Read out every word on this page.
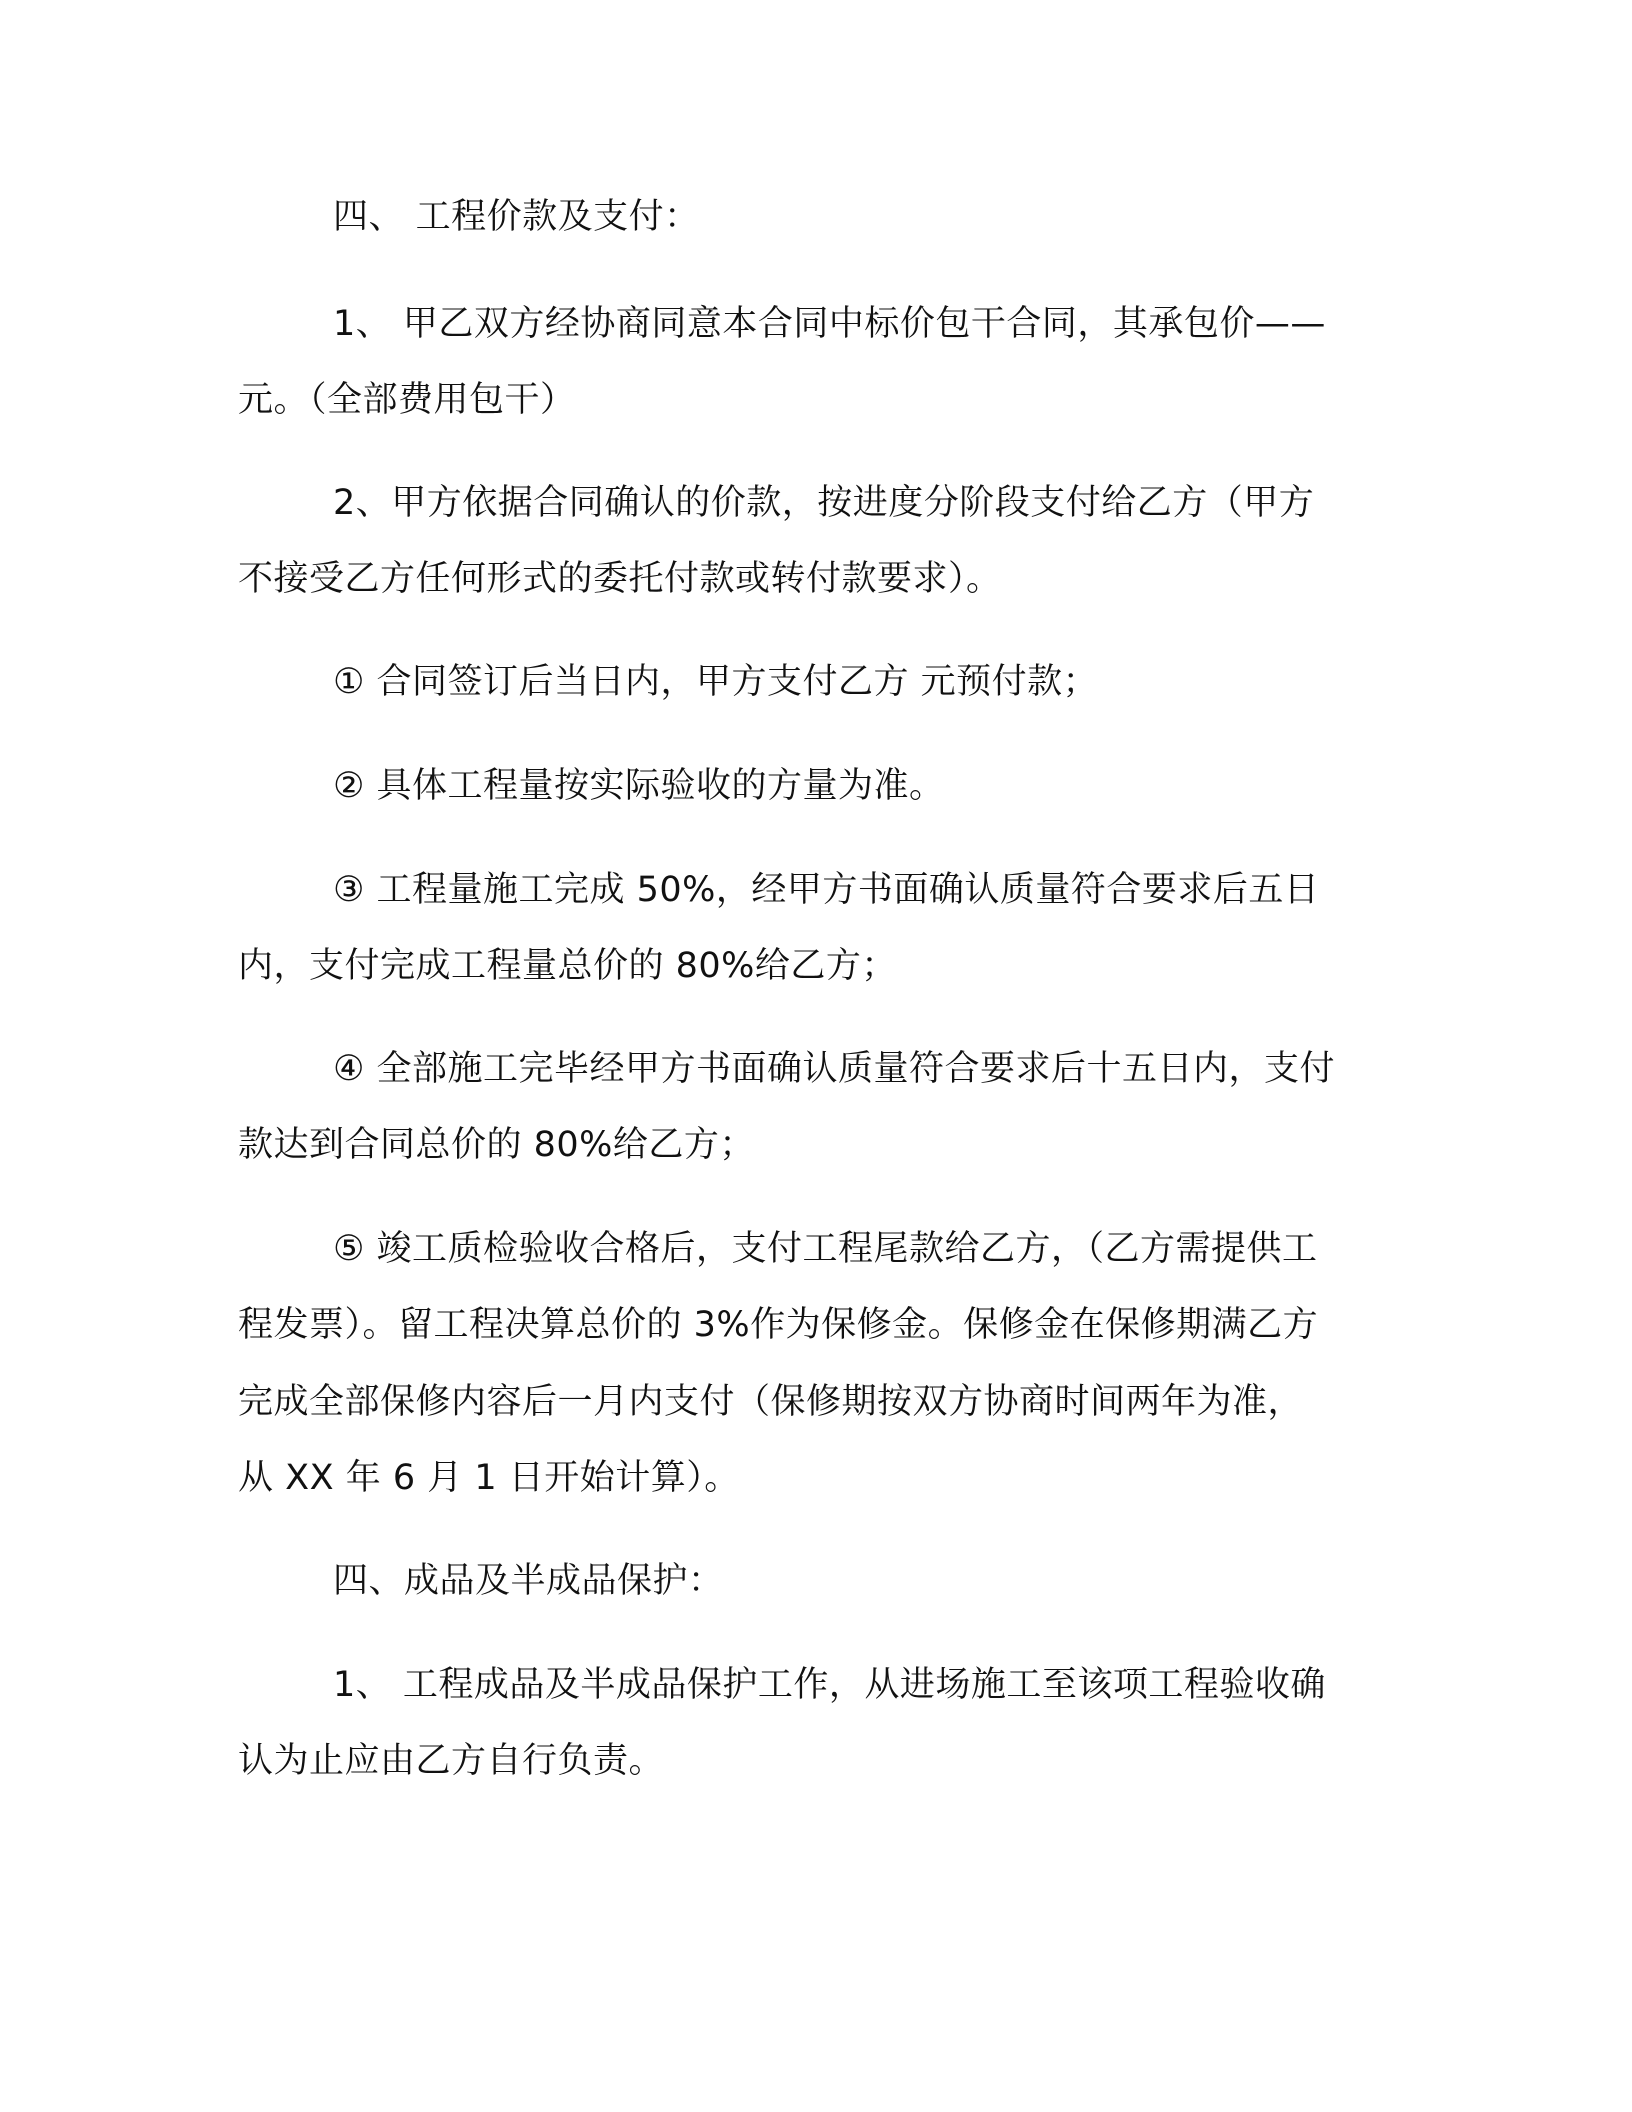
四、 工程价款及支付：
1、 甲乙双方经协商同意本合同中标价包干合同，其承包价——
元。（全部费用包干）
2、甲方依据合同确认的价款，按进度分阶段支付给乙方（甲方
不接受乙方任何形式的委托付款或转付款要求）。
① 合同签订后当日内，甲方支付乙方 元预付款；
② 具体工程量按实际验收的方量为准。
③ 工程量施工完成 50%，经甲方书面确认质量符合要求后五日
内，支付完成工程量总价的 80%给乙方；
④ 全部施工完毕经甲方书面确认质量符合要求后十五日内，支付
款达到合同总价的 80%给乙方；
⑤ 竣工质检验收合格后，支付工程尾款给乙方，（乙方需提供工
程发票）。留工程决算总价的 3%作为保修金。保修金在保修期满乙方
完成全部保修内容后一月内支付（保修期按双方协商时间两年为准，
从 XX 年 6 月 1 日开始计算）。
四、成品及半成品保护：
1、 工程成品及半成品保护工作，从进场施工至该项工程验收确
认为止应由乙方自行负责。
